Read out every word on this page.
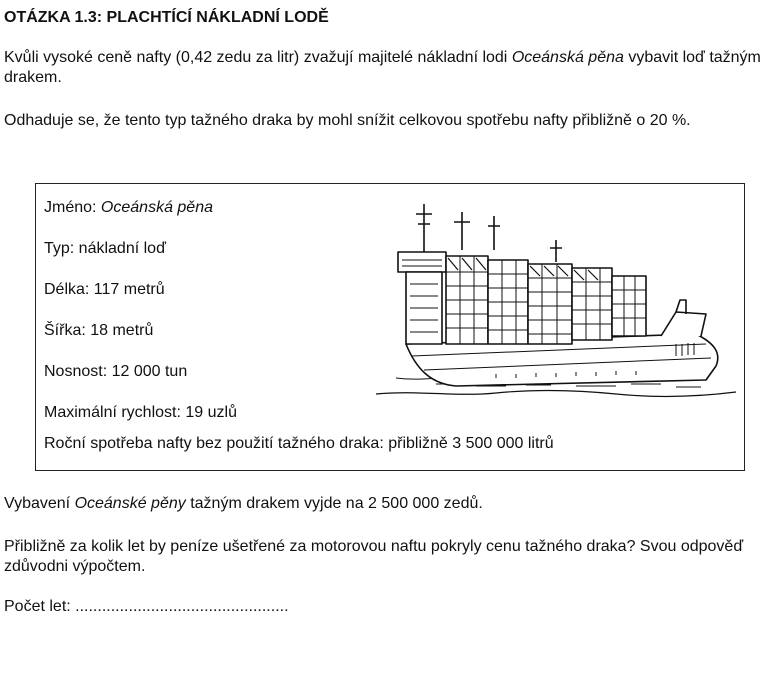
OTÁZKA 1.3: PLACHTÍCÍ NÁKLADNÍ LODĚ

Kvůli vysoké ceně nafty (0,42 zedu za litr) zvažují majitelé nákladní lodi Oceánská pěna vybavit loď tažným drakem.

Odhaduje se, že tento typ tažného draka by mohl snížit celkovou spotřebu nafty přibližně o 20 %.

Jméno: Oceánská pěna

Typ: nákladní loď

Délka: 117 metrů

Šířka: 18 metrů

Nosnost: 12 000 tun

Maximální rychlost: 19 uzlů

Roční spotřeba nafty bez použití tažného draka: přibližně 3 500 000 litrů

Vybavení Oceánské pěny tažným drakem vyjde na 2 500 000 zedů.

Přibližně za kolik let by peníze ušetřené za motorovou naftu pokryly cenu tažného draka? Svou odpověď zdůvodni výpočtem.

Počet let: ................................................
